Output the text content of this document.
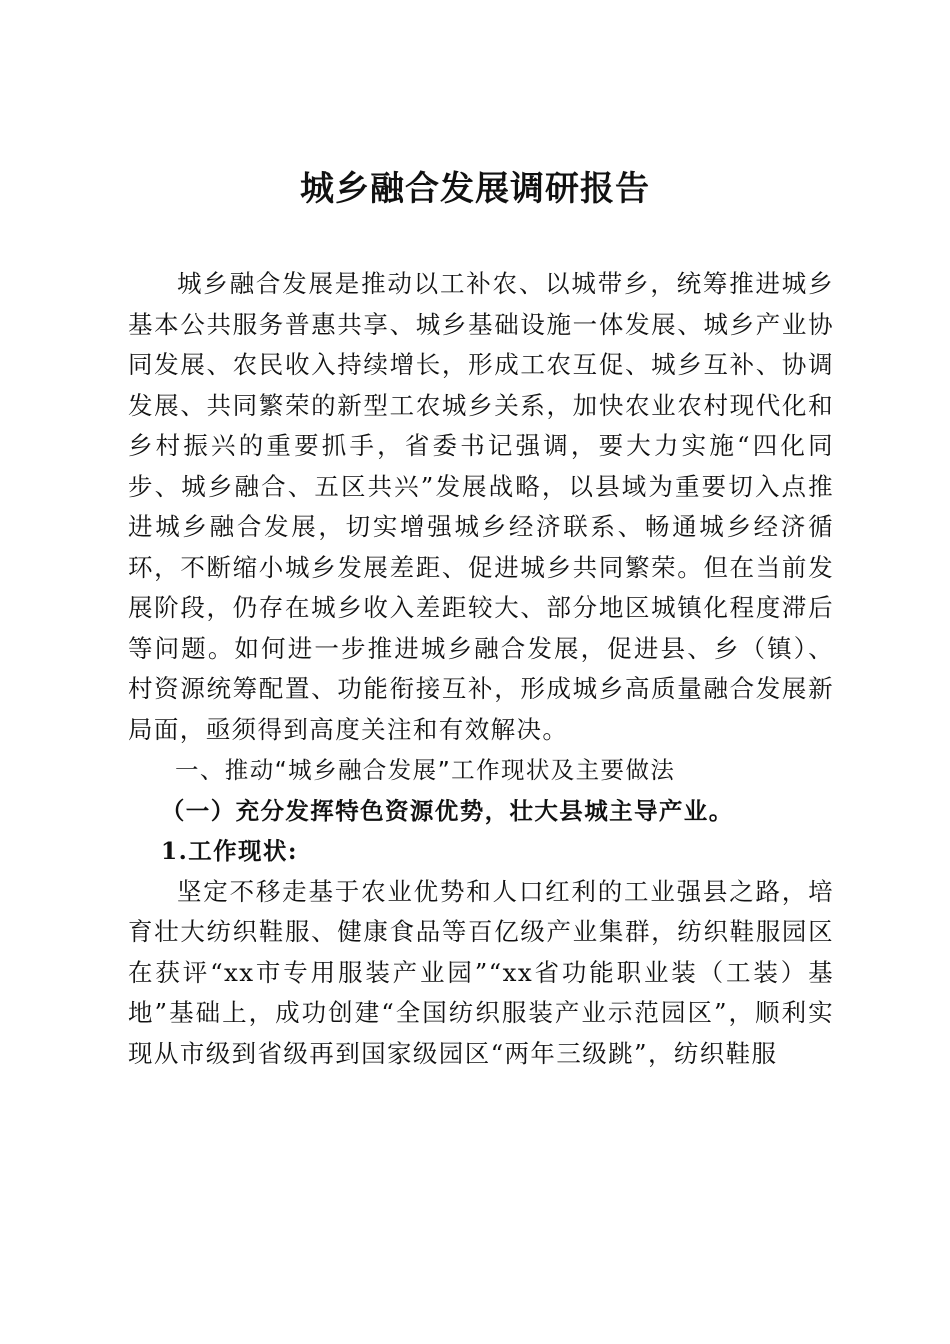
城乡融合发展调研报告

城乡融合发展是推动以工补农、以城带乡，统筹推进城乡基本公共服务普惠共享、城乡基础设施一体发展、城乡产业协同发展、农民收入持续增长，形成工农互促、城乡互补、协调发展、共同繁荣的新型工农城乡关系，加快农业农村现代化和乡村振兴的重要抓手，省委书记强调，要大力实施“四化同步、城乡融合、五区共兴”发展战略，以县域为重要切入点推进城乡融合发展，切实增强城乡经济联系、畅通城乡经济循环，不断缩小城乡发展差距、促进城乡共同繁荣。但在当前发展阶段，仍存在城乡收入差距较大、部分地区城镇化程度滞后等问题。如何进一步推进城乡融合发展，促进县、乡（镇）、村资源统筹配置、功能衔接互补，形成城乡高质量融合发展新局面，亟须得到高度关注和有效解决。

一、推动“城乡融合发展”工作现状及主要做法

（一）充分发挥特色资源优势，壮大县城主导产业。

1.工作现状:

坚定不移走基于农业优势和人口红利的工业强县之路，培育壮大纺织鞋服、健康食品等百亿级产业集群，纺织鞋服园区在获评“xx市专用服装产业园”“xx省功能职业装（工装）基地”基础上，成功创建“全国纺织服装产业示范园区”，顺利实现从市级到省级再到国家级园区“两年三级跳”，纺织鞋服
